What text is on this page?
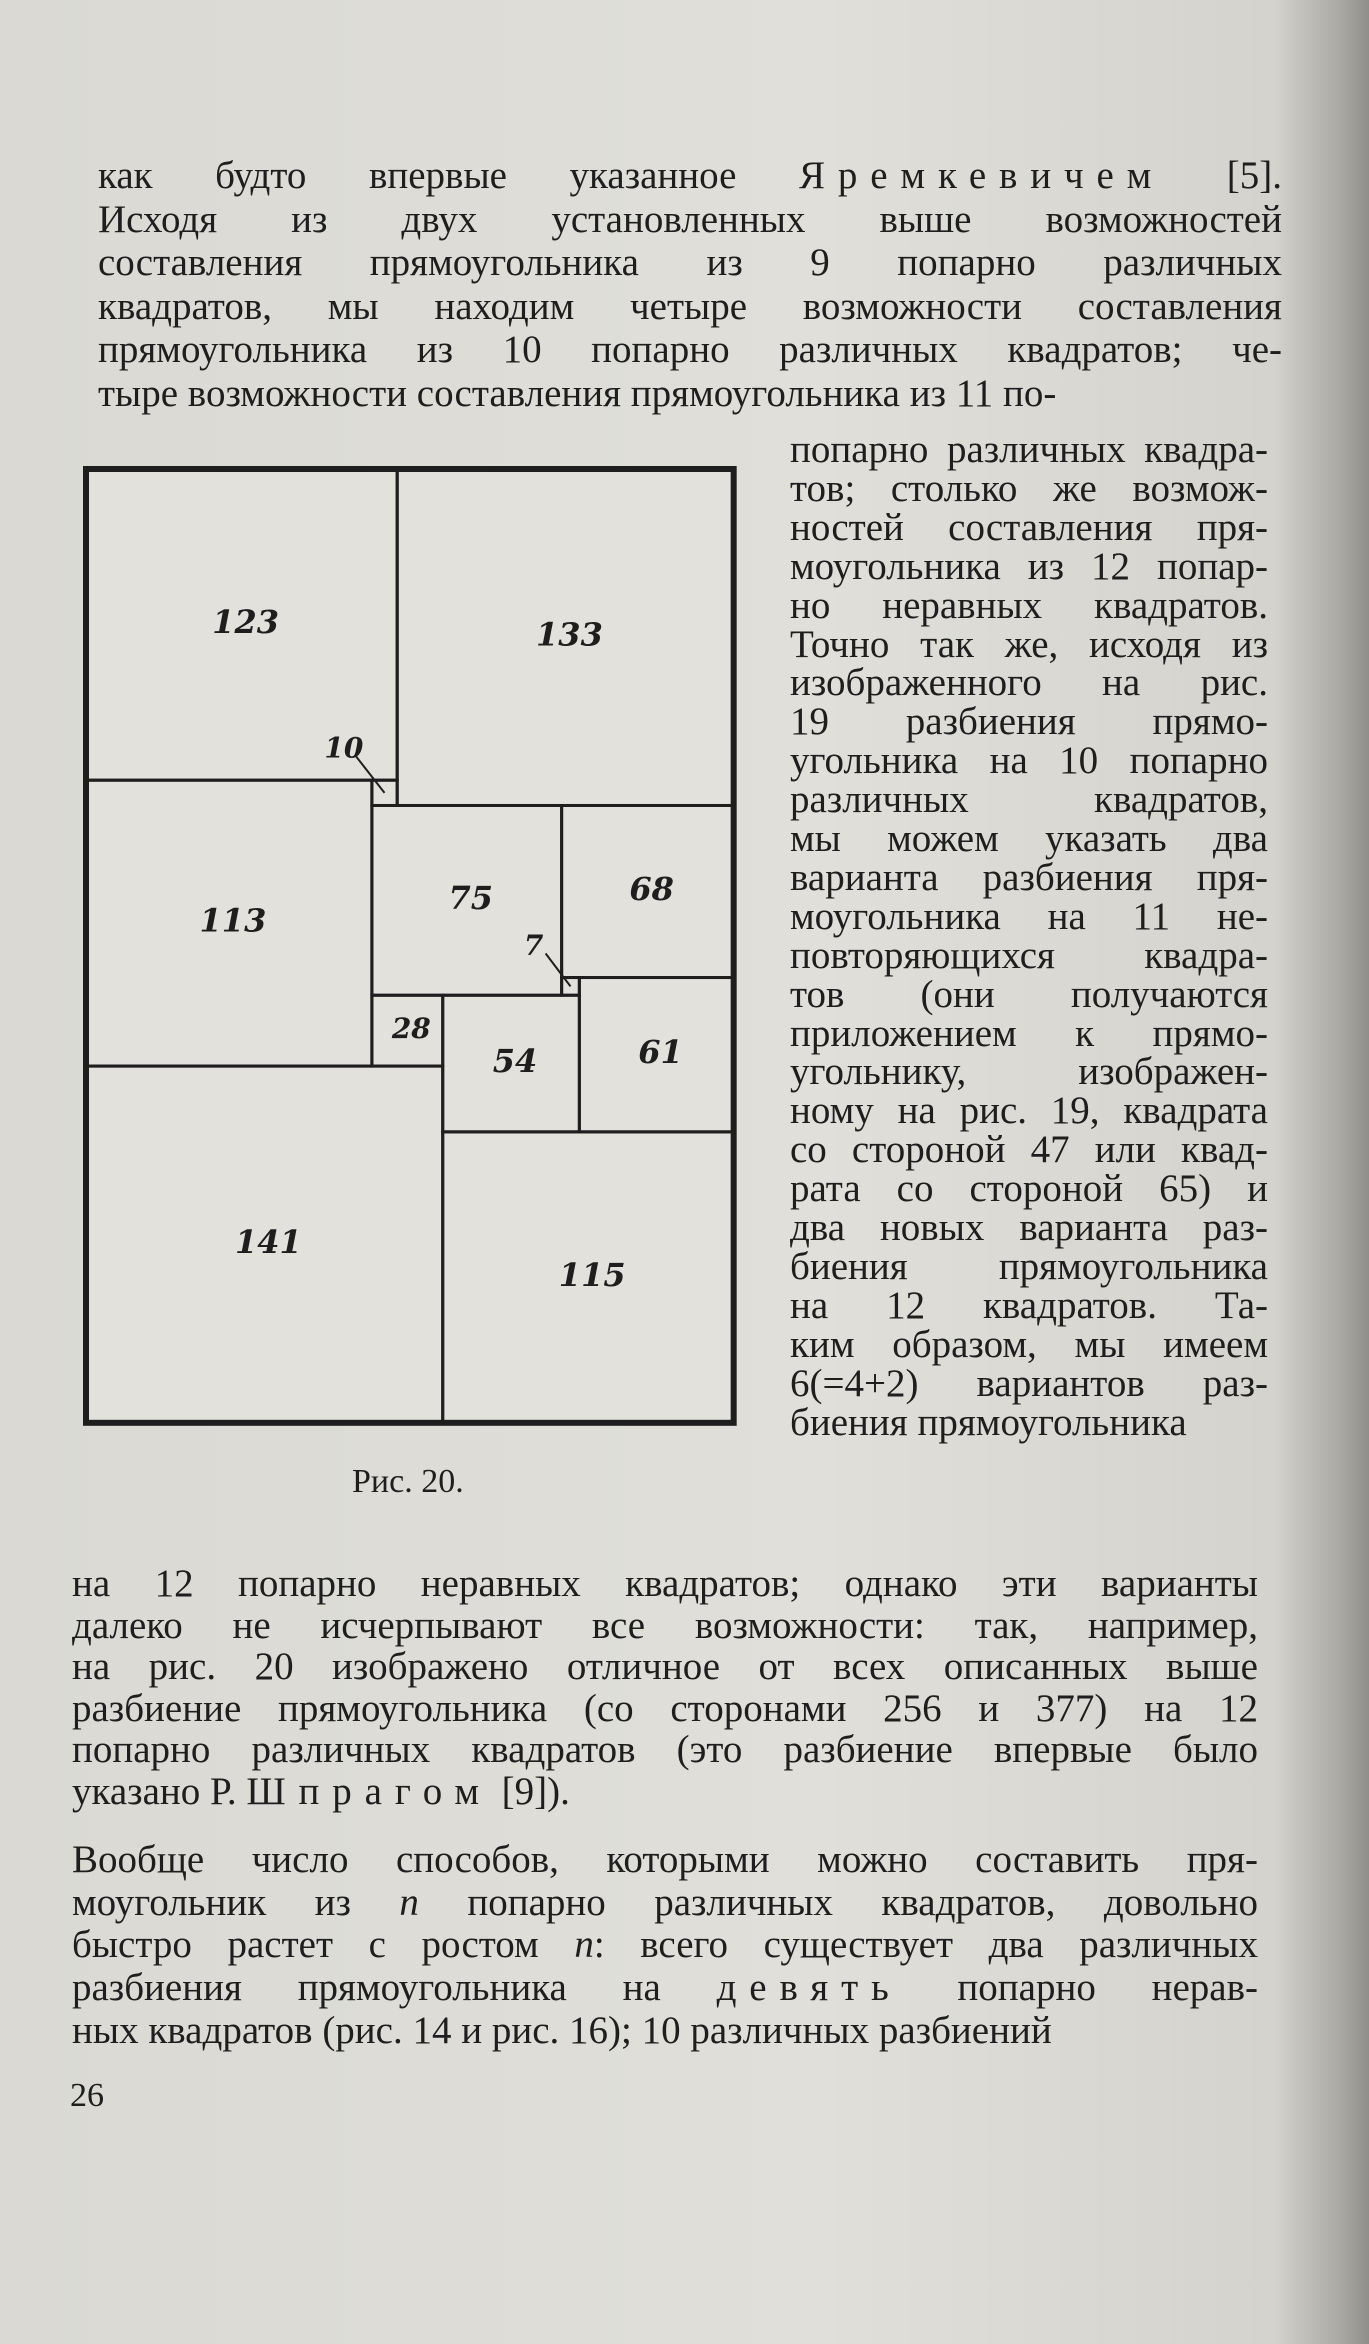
как будто впервые указанное Яремкевичем [5].
Исходя из двух установленных выше возможностей
составления прямоугольника из 9 попарно различных
квадратов, мы находим четыре возможности составления
прямоугольника из 10 попарно различных квадратов; че-
тыре возможности составления прямоугольника из 11 по-
попарно различных квадра-
тов; столько же возмож-
ностей составления пря-
моугольника из 12 попар-
но неравных квадратов.
Точно так же, исходя из
изображенного на рис.
19 разбиения прямо-
угольника на 10 попарно
различных квадратов,
мы можем указать два
варианта разбиения пря-
моугольника на 11 не-
повторяющихся квадра-
тов (они получаются
приложением к прямо-
угольнику, изображен-
ному на рис. 19, квадрата
со стороной 47 или квад-
рата со стороной 65) и
два новых варианта раз-
биения прямоугольника
на 12 квадратов. Та-
ким образом, мы имеем
6(=4+2) вариантов раз-
биения прямоугольника
123	133
10
113
75	68
7
28
54	61
141
115
Рис. 20.
на 12 попарно неравных квадратов; однако эти варианты
далеко не исчерпывают все возможности: так, например,
на рис. 20 изображено отличное от всех описанных выше
разбиение прямоугольника (со сторонами 256 и 377) на 12
попарно различных квадратов (это разбиение впервые было
указано Р. Шпрагом [9]).
Вообще число способов, которыми можно составить пря-
моугольник из n попарно различных квадратов, довольно
быстро растет с ростом n: всего существует два различных
разбиения прямоугольника на девять попарно нерав-
ных квадратов (рис. 14 и рис. 16); 10 различных разбиений
26
